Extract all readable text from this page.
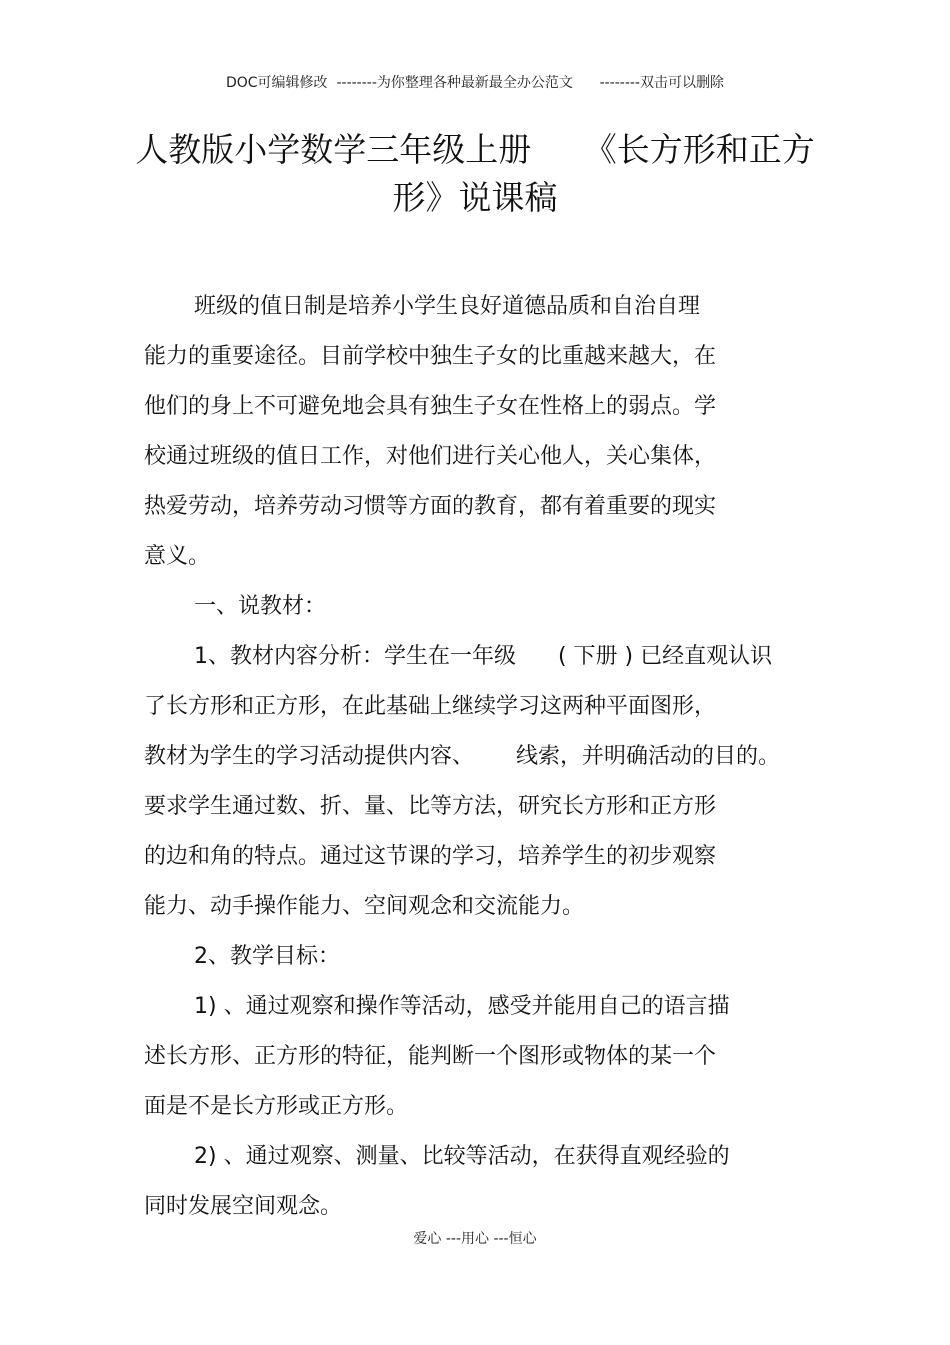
DOC可编辑修改  --------为你整理各种最新最全办公范文      --------双击可以删除
人教版小学数学三年级上册     《长方形和正方
形》说课稿
班级的值日制是培养小学生良好道德品质和自治自理
能力的重要途径。目前学校中独生子女的比重越来越大，在
他们的身上不可避免地会具有独生子女在性格上的弱点。学
校通过班级的值日工作，对他们进行关心他人，关心集体，
热爱劳动，培养劳动习惯等方面的教育，都有着重要的现实
意义。
一、说教材：
1、教材内容分析：学生在一年级      ( 下册 ) 已经直观认识
了长方形和正方形，在此基础上继续学习这两种平面图形，
教材为学生的学习活动提供内容、      线索，并明确活动的目的。
要求学生通过数、折、量、比等方法，研究长方形和正方形
的边和角的特点。通过这节课的学习，培养学生的初步观察
能力、动手操作能力、空间观念和交流能力。
2、教学目标：
1) 、通过观察和操作等活动，感受并能用自己的语言描
述长方形、正方形的特征，能判断一个图形或物体的某一个
面是不是长方形或正方形。
2) 、通过观察、测量、比较等活动，在获得直观经验的
同时发展空间观念。
爱心 ---用心 ---恒心
